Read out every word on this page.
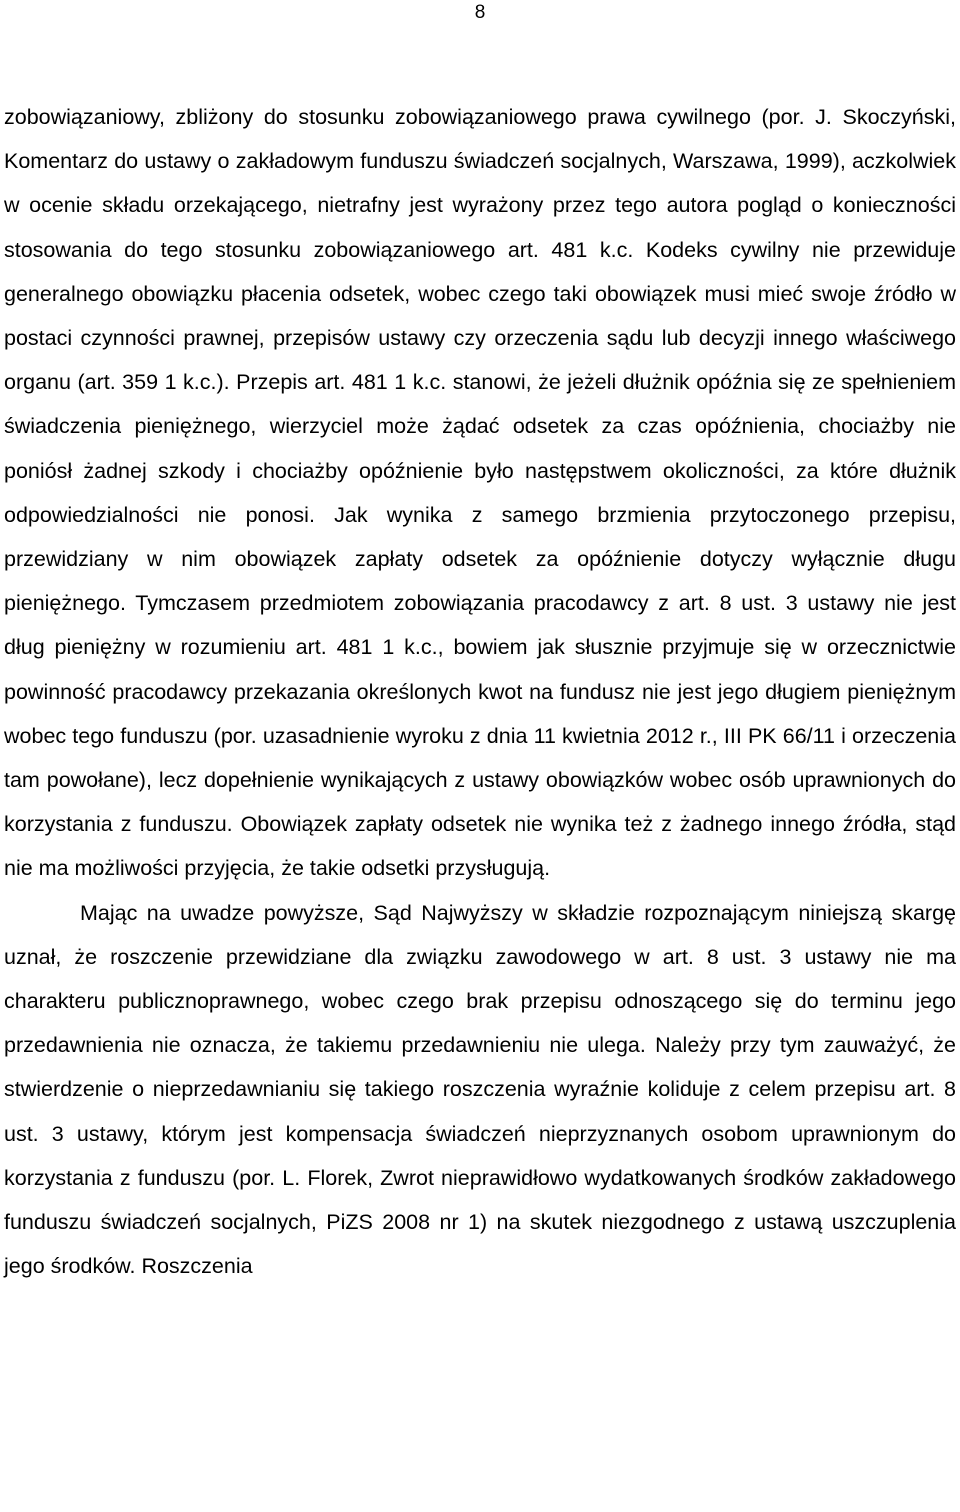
8

zobowiązaniowy, zbliżony do stosunku zobowiązaniowego prawa cywilnego (por. J. Skoczyński, Komentarz do ustawy o zakładowym funduszu świadczeń socjalnych, Warszawa, 1999), aczkolwiek w ocenie składu orzekającego, nietrafny jest wyrażony przez tego autora pogląd o konieczności stosowania do tego stosunku zobowiązaniowego art. 481 k.c. Kodeks cywilny nie przewiduje generalnego obowiązku płacenia odsetek, wobec czego taki obowiązek musi mieć swoje źródło w postaci czynności prawnej, przepisów ustawy czy orzeczenia sądu lub decyzji innego właściwego organu (art. 359 1 k.c.). Przepis art. 481 1 k.c. stanowi, że jeżeli dłużnik opóźnia się ze spełnieniem świadczenia pieniężnego, wierzyciel może żądać odsetek za czas opóźnienia, chociażby nie poniósł żadnej szkody i chociażby opóźnienie było następstwem okoliczności, za które dłużnik odpowiedzialności nie ponosi. Jak wynika z samego brzmienia przytoczonego przepisu, przewidziany w nim obowiązek zapłaty odsetek za opóźnienie dotyczy wyłącznie długu pieniężnego. Tymczasem przedmiotem zobowiązania pracodawcy z art. 8 ust. 3 ustawy nie jest dług pieniężny w rozumieniu art. 481 1 k.c., bowiem jak słusznie przyjmuje się w orzecznictwie powinność pracodawcy przekazania określonych kwot na fundusz nie jest jego długiem pieniężnym wobec tego funduszu (por. uzasadnienie wyroku z dnia 11 kwietnia 2012 r., III PK 66/11 i orzeczenia tam powołane), lecz dopełnienie wynikających z ustawy obowiązków wobec osób uprawnionych do korzystania z funduszu. Obowiązek zapłaty odsetek nie wynika też z żadnego innego źródła, stąd nie ma możliwości przyjęcia, że takie odsetki przysługują.

Mając na uwadze powyższe, Sąd Najwyższy w składzie rozpoznającym niniejszą skargę uznał, że roszczenie przewidziane dla związku zawodowego w art. 8 ust. 3 ustawy nie ma charakteru publicznoprawnego, wobec czego brak przepisu odnoszącego się do terminu jego przedawnienia nie oznacza, że takiemu przedawnieniu nie ulega. Należy przy tym zauważyć, że stwierdzenie o nieprzedawnianiu się takiego roszczenia wyraźnie koliduje z celem przepisu art. 8 ust. 3 ustawy, którym jest kompensacja świadczeń nieprzyznanych osobom uprawnionym do korzystania z funduszu (por. L. Florek, Zwrot nieprawidłowo wydatkowanych środków zakładowego funduszu świadczeń socjalnych, PiZS 2008 nr 1) na skutek niezgodnego z ustawą uszczuplenia jego środków. Roszczenia
